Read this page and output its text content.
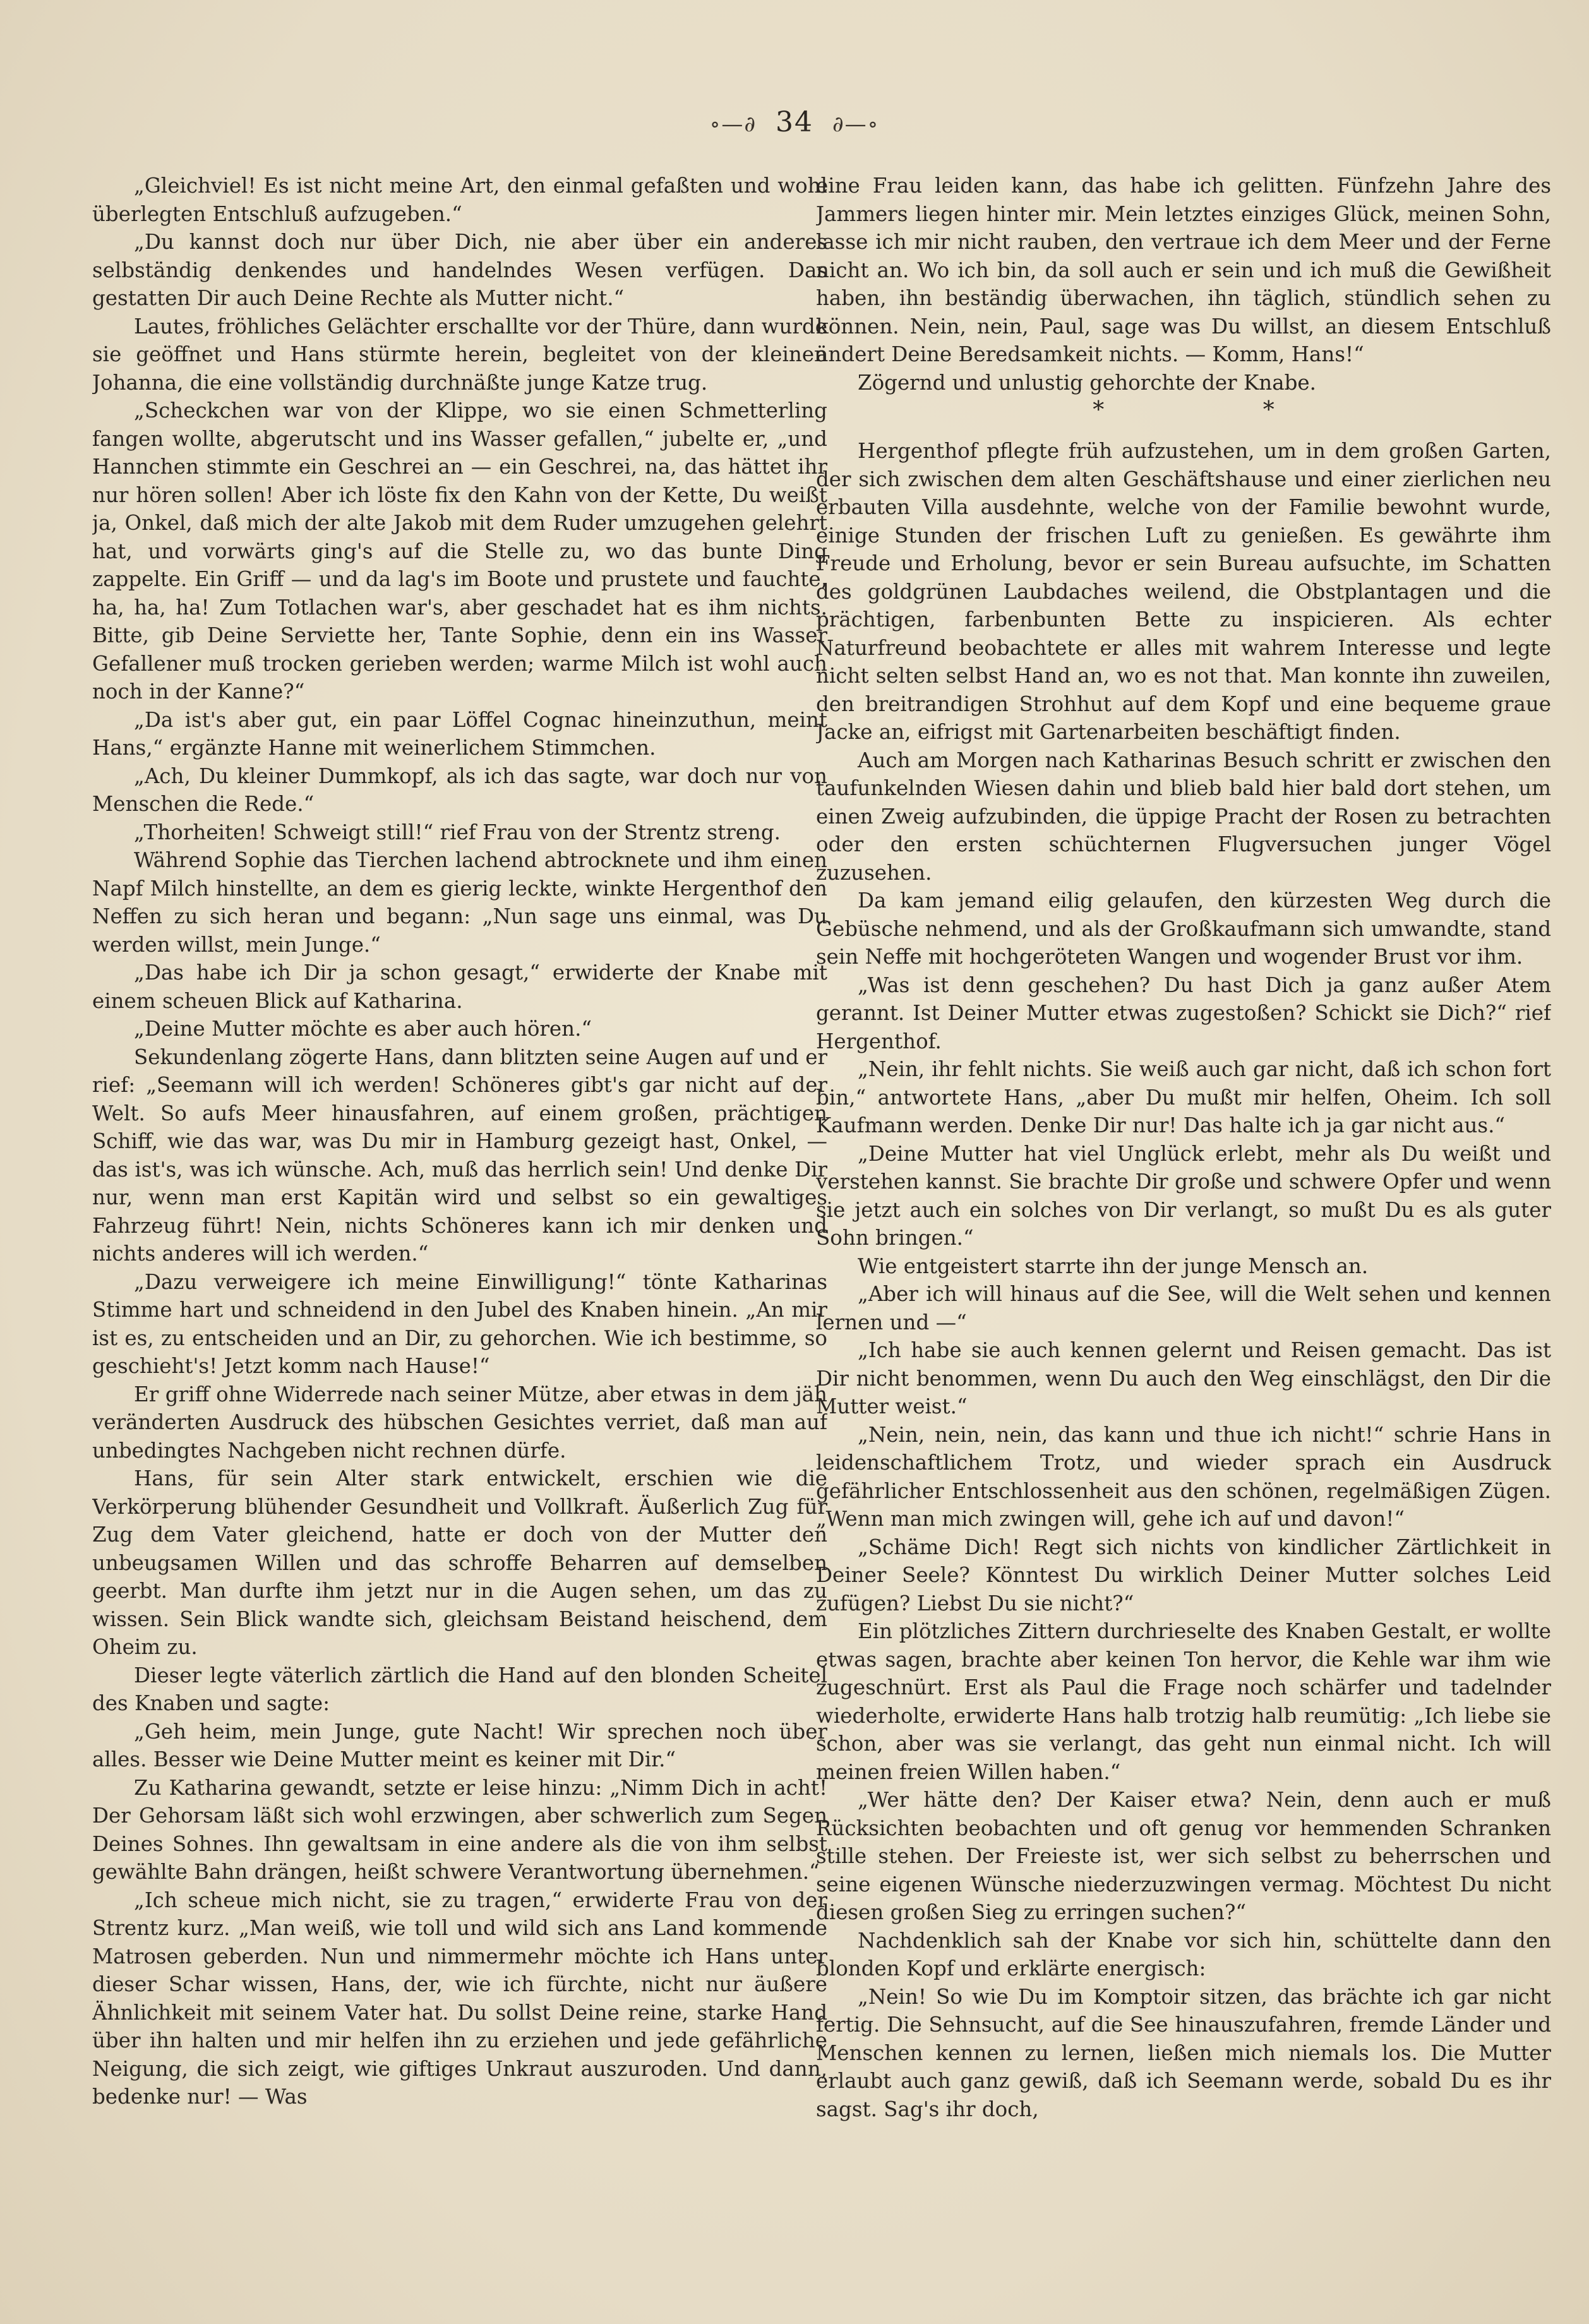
∘—∂ 34 ∂—∘

„Gleichviel! Es ist nicht meine Art, den einmal gefaßten und wohl überlegten Entschluß aufzugeben.“

„Du kannst doch nur über Dich, nie aber über ein anderes selbständig denkendes und handelndes Wesen verfügen. Das gestatten Dir auch Deine Rechte als Mutter nicht.“

Lautes, fröhliches Gelächter erschallte vor der Thüre, dann wurde sie geöffnet und Hans stürmte herein, begleitet von der kleinen Johanna, die eine vollständig durchnäßte junge Katze trug.

„Scheckchen war von der Klippe, wo sie einen Schmetterling fangen wollte, abgerutscht und ins Wasser gefallen,“ jubelte er, „und Hannchen stimmte ein Geschrei an — ein Geschrei, na, das hättet ihr nur hören sollen! Aber ich löste fix den Kahn von der Kette, Du weißt ja, Onkel, daß mich der alte Jakob mit dem Ruder umzugehen gelehrt hat, und vorwärts ging's auf die Stelle zu, wo das bunte Ding zappelte. Ein Griff — und da lag's im Boote und prustete und fauchte, ha, ha, ha! Zum Totlachen war's, aber geschadet hat es ihm nichts. Bitte, gib Deine Serviette her, Tante Sophie, denn ein ins Wasser Gefallener muß trocken gerieben werden; warme Milch ist wohl auch noch in der Kanne?“

„Da ist's aber gut, ein paar Löffel Cognac hineinzuthun, meint Hans,“ ergänzte Hanne mit weinerlichem Stimmchen.

„Ach, Du kleiner Dummkopf, als ich das sagte, war doch nur von Menschen die Rede.“

„Thorheiten! Schweigt still!“ rief Frau von der Strentz streng.

Während Sophie das Tierchen lachend abtrocknete und ihm einen Napf Milch hinstellte, an dem es gierig leckte, winkte Hergenthof den Neffen zu sich heran und begann: „Nun sage uns einmal, was Du werden willst, mein Junge.“

„Das habe ich Dir ja schon gesagt,“ erwiderte der Knabe mit einem scheuen Blick auf Katharina.

„Deine Mutter möchte es aber auch hören.“

Sekundenlang zögerte Hans, dann blitzten seine Augen auf und er rief: „Seemann will ich werden! Schöneres gibt's gar nicht auf der Welt. So aufs Meer hinausfahren, auf einem großen, prächtigen Schiff, wie das war, was Du mir in Hamburg gezeigt hast, Onkel, — das ist's, was ich wünsche. Ach, muß das herrlich sein! Und denke Dir nur, wenn man erst Kapitän wird und selbst so ein gewaltiges Fahrzeug führt! Nein, nichts Schöneres kann ich mir denken und nichts anderes will ich werden.“

„Dazu verweigere ich meine Einwilligung!“ tönte Katharinas Stimme hart und schneidend in den Jubel des Knaben hinein. „An mir ist es, zu entscheiden und an Dir, zu gehorchen. Wie ich bestimme, so geschieht's! Jetzt komm nach Hause!“

Er griff ohne Widerrede nach seiner Mütze, aber etwas in dem jäh veränderten Ausdruck des hübschen Gesichtes verriet, daß man auf unbedingtes Nachgeben nicht rechnen dürfe.

Hans, für sein Alter stark entwickelt, erschien wie die Verkörperung blühender Gesundheit und Vollkraft. Äußerlich Zug für Zug dem Vater gleichend, hatte er doch von der Mutter den unbeugsamen Willen und das schroffe Beharren auf demselben geerbt. Man durfte ihm jetzt nur in die Augen sehen, um das zu wissen. Sein Blick wandte sich, gleichsam Beistand heischend, dem Oheim zu.

Dieser legte väterlich zärtlich die Hand auf den blonden Scheitel des Knaben und sagte:

„Geh heim, mein Junge, gute Nacht! Wir sprechen noch über alles. Besser wie Deine Mutter meint es keiner mit Dir.“

Zu Katharina gewandt, setzte er leise hinzu: „Nimm Dich in acht! Der Gehorsam läßt sich wohl erzwingen, aber schwerlich zum Segen Deines Sohnes. Ihn gewaltsam in eine andere als die von ihm selbst gewählte Bahn drängen, heißt schwere Verantwortung übernehmen.“

„Ich scheue mich nicht, sie zu tragen,“ erwiderte Frau von der Strentz kurz. „Man weiß, wie toll und wild sich ans Land kommende Matrosen geberden. Nun und nimmermehr möchte ich Hans unter dieser Schar wissen, Hans, der, wie ich fürchte, nicht nur äußere Ähnlichkeit mit seinem Vater hat. Du sollst Deine reine, starke Hand über ihn halten und mir helfen ihn zu erziehen und jede gefährliche Neigung, die sich zeigt, wie giftiges Unkraut auszuroden. Und dann, bedenke nur! — Was

eine Frau leiden kann, das habe ich gelitten. Fünfzehn Jahre des Jammers liegen hinter mir. Mein letztes einziges Glück, meinen Sohn, lasse ich mir nicht rauben, den vertraue ich dem Meer und der Ferne nicht an. Wo ich bin, da soll auch er sein und ich muß die Gewißheit haben, ihn beständig überwachen, ihn täglich, stündlich sehen zu können. Nein, nein, Paul, sage was Du willst, an diesem Entschluß ändert Deine Beredsamkeit nichts. — Komm, Hans!“

Zögernd und unlustig gehorchte der Knabe.

* *

Hergenthof pflegte früh aufzustehen, um in dem großen Garten, der sich zwischen dem alten Geschäftshause und einer zierlichen neu erbauten Villa ausdehnte, welche von der Familie bewohnt wurde, einige Stunden der frischen Luft zu genießen. Es gewährte ihm Freude und Erholung, bevor er sein Bureau aufsuchte, im Schatten des goldgrünen Laubdaches weilend, die Obstplantagen und die prächtigen, farbenbunten Bette zu inspicieren. Als echter Naturfreund beobachtete er alles mit wahrem Interesse und legte nicht selten selbst Hand an, wo es not that. Man konnte ihn zuweilen, den breitrandigen Strohhut auf dem Kopf und eine bequeme graue Jacke an, eifrigst mit Gartenarbeiten beschäftigt finden.

Auch am Morgen nach Katharinas Besuch schritt er zwischen den taufunkelnden Wiesen dahin und blieb bald hier bald dort stehen, um einen Zweig aufzubinden, die üppige Pracht der Rosen zu betrachten oder den ersten schüchternen Flugversuchen junger Vögel zuzusehen.

Da kam jemand eilig gelaufen, den kürzesten Weg durch die Gebüsche nehmend, und als der Großkaufmann sich umwandte, stand sein Neffe mit hochgeröteten Wangen und wogender Brust vor ihm.

„Was ist denn geschehen? Du hast Dich ja ganz außer Atem gerannt. Ist Deiner Mutter etwas zugestoßen? Schickt sie Dich?“ rief Hergenthof.

„Nein, ihr fehlt nichts. Sie weiß auch gar nicht, daß ich schon fort bin,“ antwortete Hans, „aber Du mußt mir helfen, Oheim. Ich soll Kaufmann werden. Denke Dir nur! Das halte ich ja gar nicht aus.“

„Deine Mutter hat viel Unglück erlebt, mehr als Du weißt und verstehen kannst. Sie brachte Dir große und schwere Opfer und wenn sie jetzt auch ein solches von Dir verlangt, so mußt Du es als guter Sohn bringen.“

Wie entgeistert starrte ihn der junge Mensch an.

„Aber ich will hinaus auf die See, will die Welt sehen und kennen lernen und —“

„Ich habe sie auch kennen gelernt und Reisen gemacht. Das ist Dir nicht benommen, wenn Du auch den Weg einschlägst, den Dir die Mutter weist.“

„Nein, nein, nein, das kann und thue ich nicht!“ schrie Hans in leidenschaftlichem Trotz, und wieder sprach ein Ausdruck gefährlicher Entschlossenheit aus den schönen, regelmäßigen Zügen. „Wenn man mich zwingen will, gehe ich auf und davon!“

„Schäme Dich! Regt sich nichts von kindlicher Zärtlichkeit in Deiner Seele? Könntest Du wirklich Deiner Mutter solches Leid zufügen? Liebst Du sie nicht?“

Ein plötzliches Zittern durchrieselte des Knaben Gestalt, er wollte etwas sagen, brachte aber keinen Ton hervor, die Kehle war ihm wie zugeschnürt. Erst als Paul die Frage noch schärfer und tadelnder wiederholte, erwiderte Hans halb trotzig halb reumütig: „Ich liebe sie schon, aber was sie verlangt, das geht nun einmal nicht. Ich will meinen freien Willen haben.“

„Wer hätte den? Der Kaiser etwa? Nein, denn auch er muß Rücksichten beobachten und oft genug vor hemmenden Schranken stille stehen. Der Freieste ist, wer sich selbst zu beherrschen und seine eigenen Wünsche niederzuzwingen vermag. Möchtest Du nicht diesen großen Sieg zu erringen suchen?“

Nachdenklich sah der Knabe vor sich hin, schüttelte dann den blonden Kopf und erklärte energisch:

„Nein! So wie Du im Komptoir sitzen, das brächte ich gar nicht fertig. Die Sehnsucht, auf die See hinauszufahren, fremde Länder und Menschen kennen zu lernen, ließen mich niemals los. Die Mutter erlaubt auch ganz gewiß, daß ich Seemann werde, sobald Du es ihr sagst. Sag's ihr doch,
